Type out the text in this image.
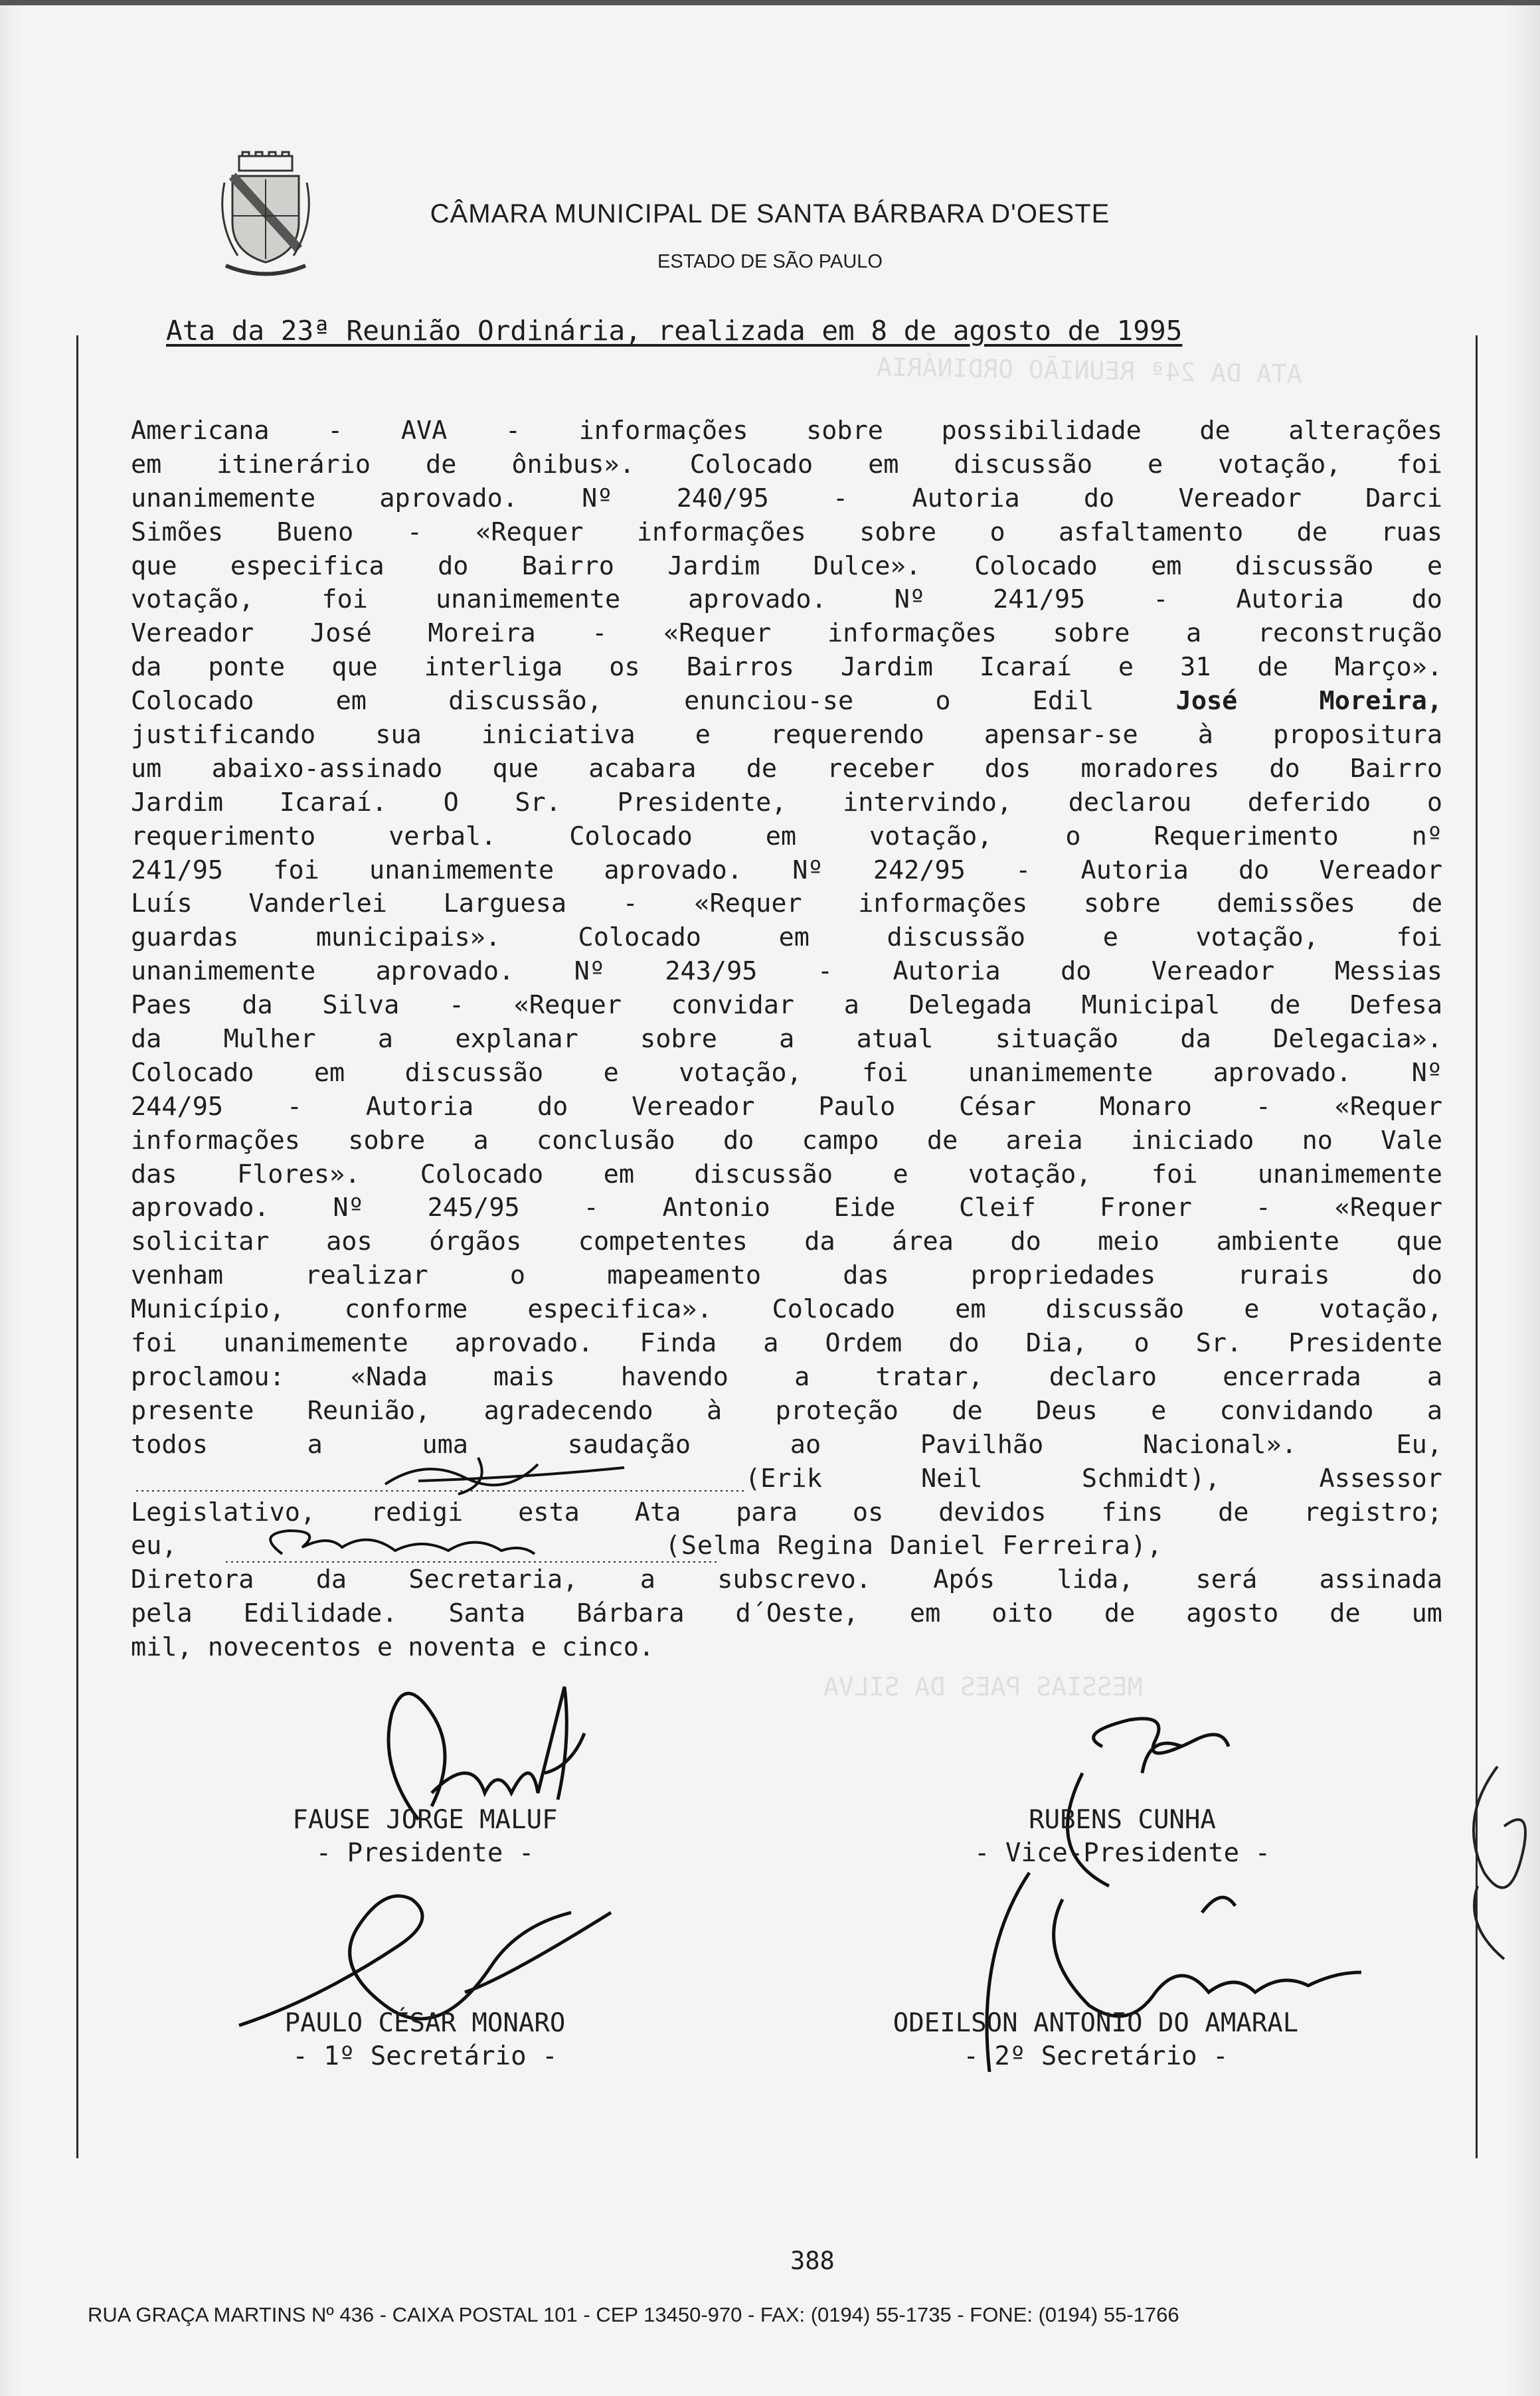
ATA DA 24ª REUNIÃO ORDINÁRIA
MESSIAS PAES DA SILVA
CÂMARA MUNICIPAL DE SANTA BÁRBARA D'OESTE
ESTADO DE SÃO PAULO
Ata da 23ª Reunião Ordinária, realizada em 8 de agosto de 1995
Americana - AVA - informações sobre possibilidade de alterações
em itinerário de ônibus». Colocado em discussão e votação, foi
unanimemente aprovado. Nº 240/95 - Autoria do Vereador Darci
Simões Bueno - «Requer informações sobre o asfaltamento de ruas
que especifica do Bairro Jardim Dulce». Colocado em discussão e
votação, foi unanimemente aprovado. Nº 241/95 - Autoria do
Vereador José Moreira - «Requer informações sobre a reconstrução
da ponte que interliga os Bairros Jardim Icaraí e 31 de Março».
Colocado em discussão, enunciou-se o Edil	José Moreira,
justificando sua iniciativa e requerendo apensar-se à propositura
um abaixo-assinado que acabara de receber dos moradores do Bairro
Jardim Icaraí. O Sr. Presidente, intervindo, declarou deferido o
requerimento verbal. Colocado em votação, o Requerimento nº
241/95 foi unanimemente aprovado. Nº 242/95 - Autoria do Vereador
Luís Vanderlei Larguesa - «Requer informações sobre demissões de
guardas municipais». Colocado em discussão e votação, foi
unanimemente aprovado. Nº 243/95 - Autoria do Vereador Messias
Paes da Silva - «Requer convidar a Delegada Municipal de Defesa
da Mulher a explanar sobre a atual situação da Delegacia».
Colocado em discussão e votação, foi unanimemente aprovado. Nº
244/95 - Autoria do Vereador Paulo César Monaro - «Requer
informações sobre a conclusão do campo de areia iniciado no Vale
das Flores». Colocado em discussão e votação, foi unanimemente
aprovado. Nº 245/95 - Antonio Eide Cleif Froner - «Requer
solicitar aos órgãos competentes da área do meio ambiente que
venham realizar o mapeamento das propriedades rurais do
Município, conforme especifica». Colocado em discussão e votação,
foi unanimemente aprovado. Finda a Ordem do Dia, o Sr. Presidente
proclamou: «Nada mais havendo a tratar, declaro encerrada a
presente Reunião, agradecendo à proteção de Deus e convidando a
todos a uma saudação ao Pavilhão Nacional». Eu,
(Erik Neil Schmidt), Assessor
Legislativo, redigi esta Ata para os devidos fins de registro;
eu,	(Selma Regina Daniel Ferreira),
Diretora da Secretaria, a subscrevo. Após lida, será assinada
pela Edilidade. Santa Bárbara d´Oeste, em oito de agosto de um
mil, novecentos e noventa e cinco.
FAUSE JORGE MALUF
- Presidente -
RUBENS CUNHA
- Vice-Presidente -
PAULO CÉSAR MONARO
- 1º Secretário -
ODEILSON ANTONIO DO AMARAL
- 2º Secretário -
388
RUA GRAÇA MARTINS Nº 436 - CAIXA POSTAL 101 - CEP 13450-970 - FAX: (0194) 55-1735 - FONE: (0194) 55-1766
